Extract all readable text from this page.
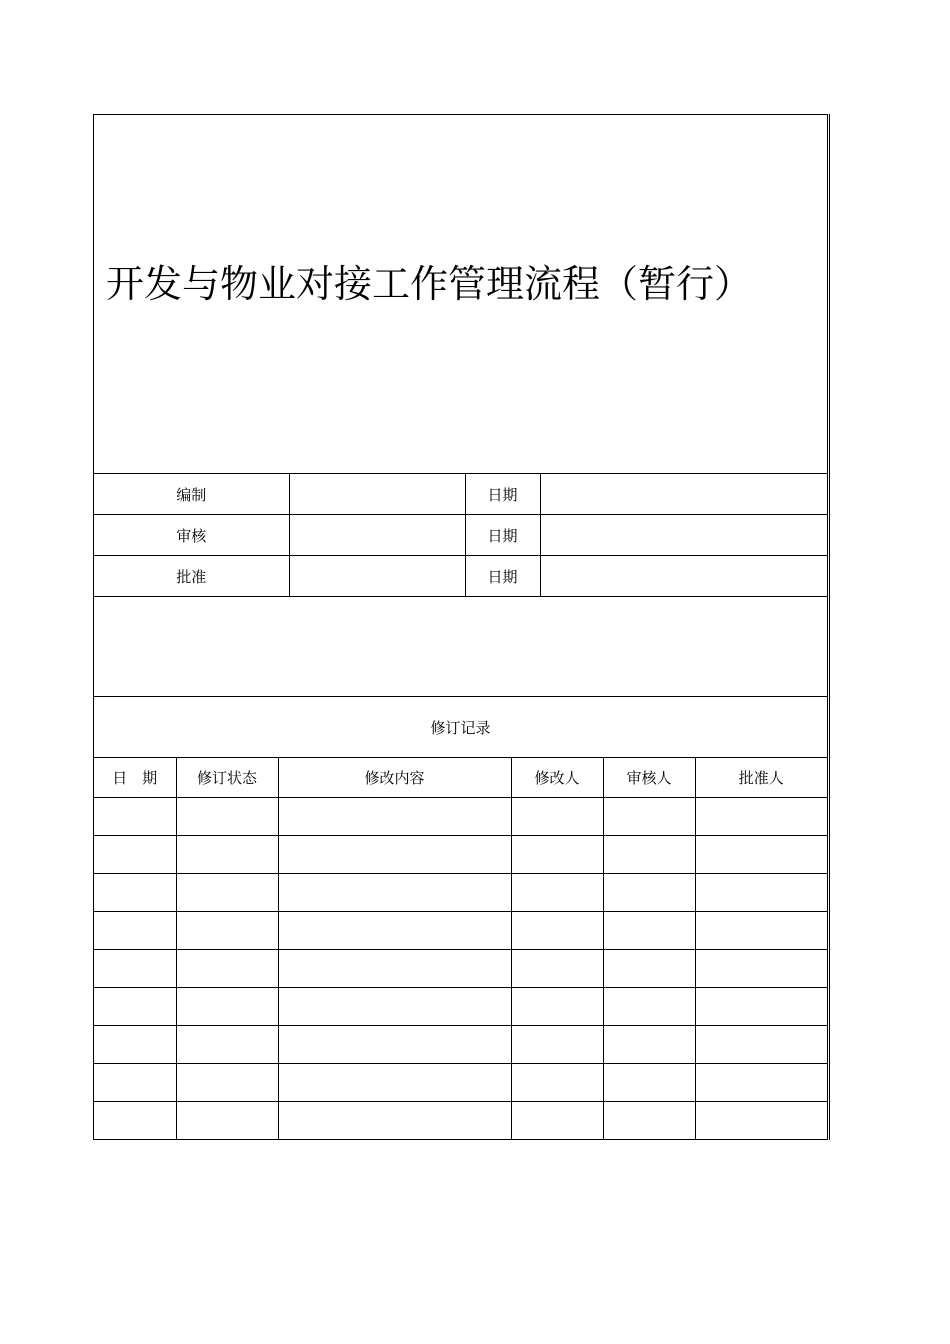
开发与物业对接工作管理流程（暂行）
编制		日期	
审核		日期	
批准		日期	
修订记录
日　期	修订状态	修改内容	修改人	审核人	批准人
